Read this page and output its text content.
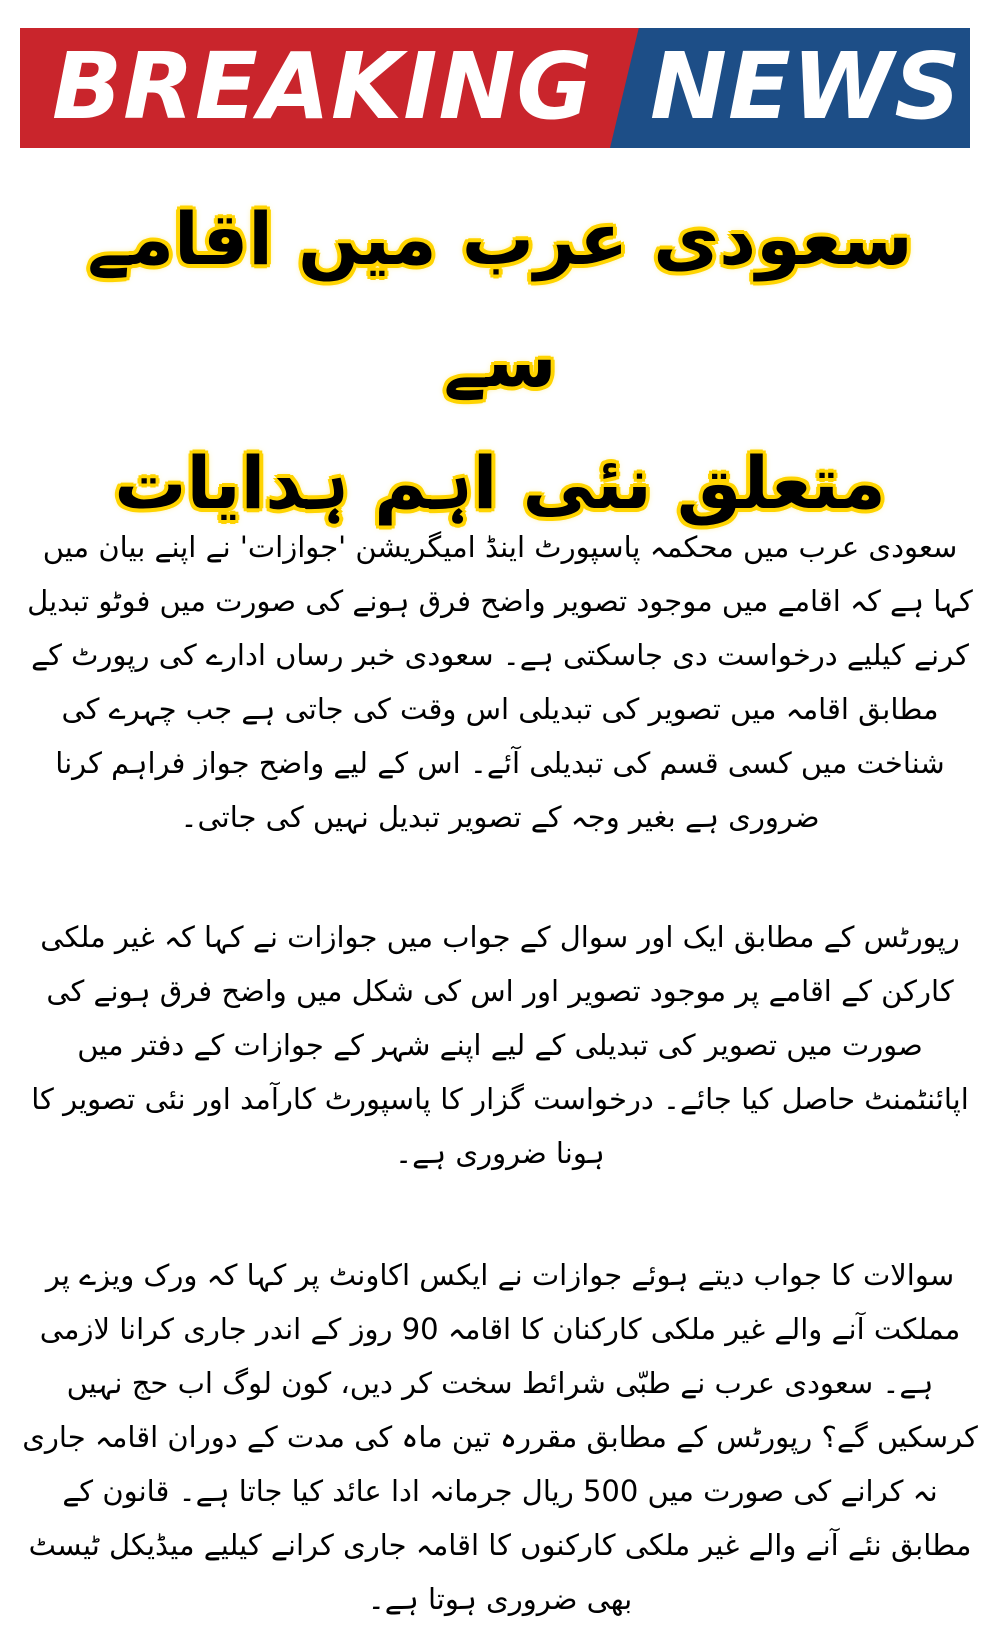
BREAKING NEWS
سعودی عرب میں اقامے سے
متعلق نئی اہم ہدایات

سعودی عرب میں محکمہ پاسپورٹ اینڈ امیگریشن 'جوازات' نے اپنے بیان میں کہا ہے کہ اقامے میں موجود تصویر واضح فرق ہونے کی صورت میں فوٹو تبدیل کرنے کیلیے درخواست دی جاسکتی ہے۔ سعودی خبر رساں ادارے کی رپورٹ کے مطابق اقامہ میں تصویر کی تبدیلی اس وقت کی جاتی ہے جب چہرے کی شناخت میں کسی قسم کی تبدیلی آئے۔ اس کے لیے واضح جواز فراہم کرنا ضروری ہے بغیر وجہ کے تصویر تبدیل نہیں کی جاتی۔

رپورٹس کے مطابق ایک اور سوال کے جواب میں جوازات نے کہا کہ غیر ملکی کارکن کے اقامے پر موجود تصویر اور اس کی شکل میں واضح فرق ہونے کی صورت میں تصویر کی تبدیلی کے لیے اپنے شہر کے جوازات کے دفتر میں اپائنٹمنٹ حاصل کیا جائے۔ درخواست گزار کا پاسپورٹ کارآمد اور نئی تصویر کا ہونا ضروری ہے۔

سوالات کا جواب دیتے ہوئے جوازات نے ایکس اکاونٹ پر کہا کہ ورک ویزے پر مملکت آنے والے غیر ملکی کارکنان کا اقامہ 90 روز کے اندر جاری کرانا لازمی ہے۔ سعودی عرب نے طبّی شرائط سخت کر دیں، کون لوگ اب حج نہیں کرسکیں گے؟ رپورٹس کے مطابق مقررہ تین ماہ کی مدت کے دوران اقامہ جاری نہ کرانے کی صورت میں 500 ریال جرمانہ ادا عائد کیا جاتا ہے۔ قانون کے مطابق نئے آنے والے غیر ملکی کارکنوں کا اقامہ جاری کرانے کیلیے میڈیکل ٹیسٹ بھی ضروری ہوتا ہے۔
